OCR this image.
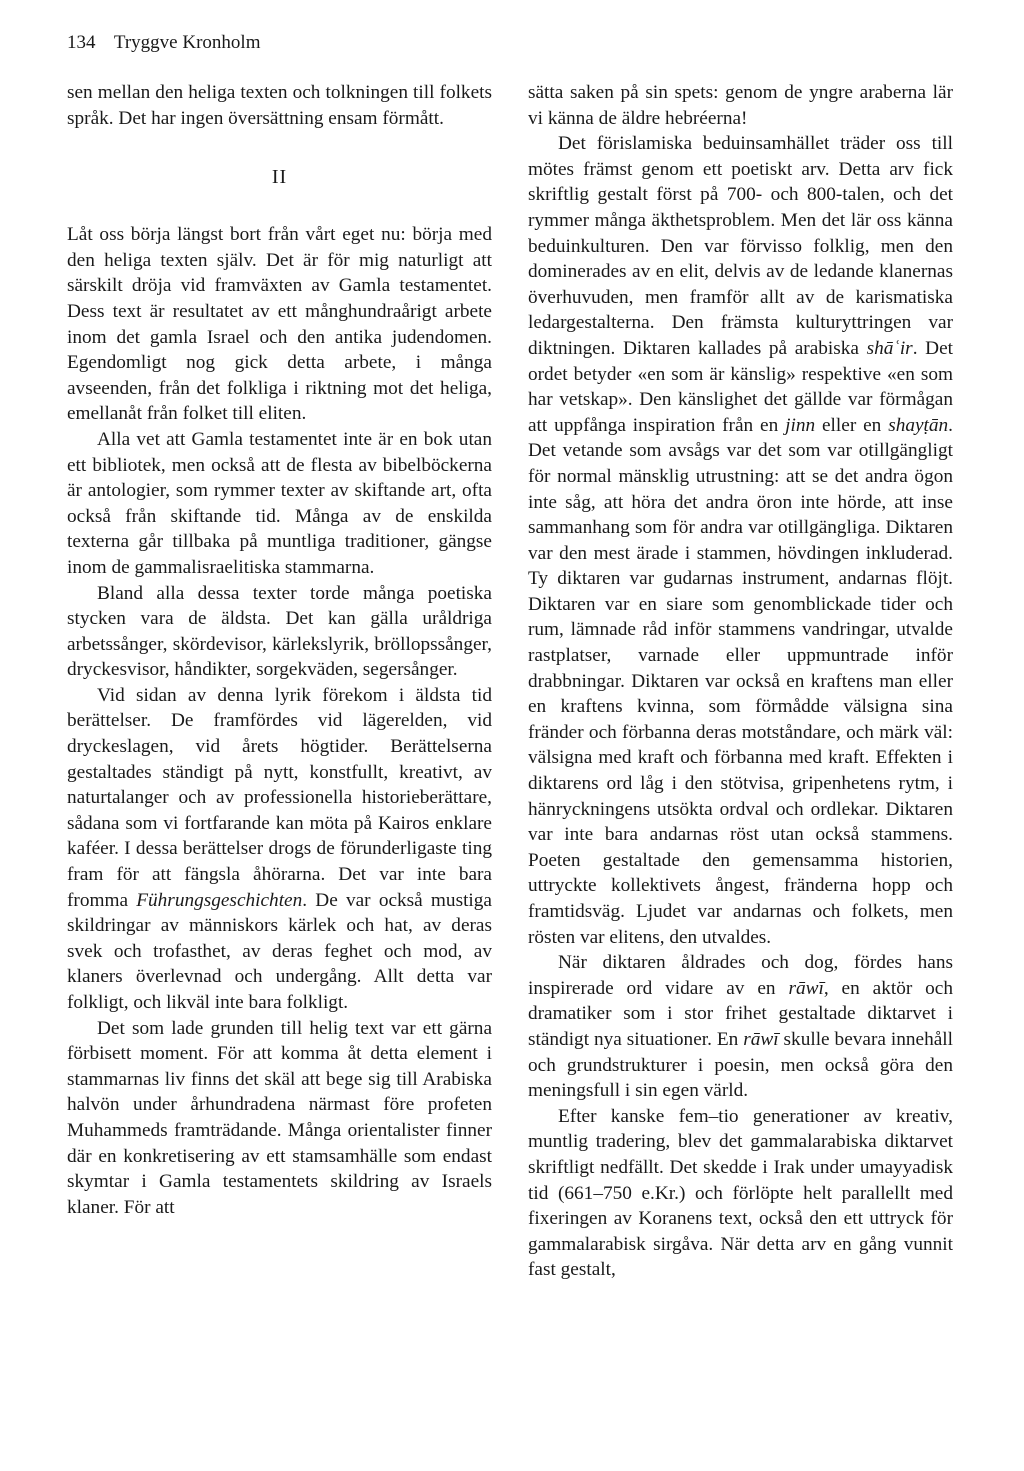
134 Tryggve Kronholm

sen mellan den heliga texten och tolkningen till folkets språk. Det har ingen översättning ensam förmått.

II

Låt oss börja längst bort från vårt eget nu: börja med den heliga texten själv. Det är för mig naturligt att särskilt dröja vid framväxten av Gamla testamentet. Dess text är resultatet av ett månghundraårigt arbete inom det gamla Israel och den antika judendomen. Egendomligt nog gick detta arbete, i många avseenden, från det folkliga i riktning mot det heliga, emellanåt från folket till eliten.

Alla vet att Gamla testamentet inte är en bok utan ett bibliotek, men också att de flesta av bibelböckerna är antologier, som rymmer texter av skiftande art, ofta också från skiftande tid. Många av de enskilda texterna går tillbaka på muntliga traditioner, gängse inom de gammalisraelitiska stammarna.

Bland alla dessa texter torde många poetiska stycken vara de äldsta. Det kan gälla uråldriga arbetssånger, skördevisor, kärlekslyrik, bröllopssånger, dryckesvisor, håndikter, sorgekväden, segersånger.

Vid sidan av denna lyrik förekom i äldsta tid berättelser. De framfördes vid lägerelden, vid dryckeslagen, vid årets högtider. Berättelserna gestaltades ständigt på nytt, konstfullt, kreativt, av naturtalanger och av professionella historieberättare, sådana som vi fortfarande kan möta på Kairos enklare kaféer. I dessa berättelser drogs de förunderligaste ting fram för att fängsla åhörarna. Det var inte bara fromma Führungsgeschichten. De var också mustiga skildringar av människors kärlek och hat, av deras svek och trofasthet, av deras feghet och mod, av klaners överlevnad och undergång. Allt detta var folkligt, och likväl inte bara folkligt.

Det som lade grunden till helig text var ett gärna förbisett moment. För att komma åt detta element i stammarnas liv finns det skäl att bege sig till Arabiska halvön under århundradena närmast före profeten Muhammeds framträdande. Många orientalister finner där en konkretisering av ett stamsamhälle som endast skymtar i Gamla testamentets skildring av Israels klaner. För att

sätta saken på sin spets: genom de yngre araberna lär vi känna de äldre hebréerna!

Det förislamiska beduinsamhället träder oss till mötes främst genom ett poetiskt arv. Detta arv fick skriftlig gestalt först på 700- och 800-talen, och det rymmer många äkthetsproblem. Men det lär oss känna beduinkulturen. Den var förvisso folklig, men den dominerades av en elit, delvis av de ledande klanernas överhuvuden, men framför allt av de karismatiska ledargestalterna. Den främsta kulturyttringen var diktningen. Diktaren kallades på arabiska shāʿir. Det ordet betyder «en som är känslig» respektive «en som har vetskap». Den känslighet det gällde var förmågan att uppfånga inspiration från en jinn eller en shayṭān. Det vetande som avsågs var det som var otillgängligt för normal mänsklig utrustning: att se det andra ögon inte såg, att höra det andra öron inte hörde, att inse sammanhang som för andra var otillgängliga. Diktaren var den mest ärade i stammen, hövdingen inkluderad. Ty diktaren var gudarnas instrument, andarnas flöjt. Diktaren var en siare som genomblickade tider och rum, lämnade råd inför stammens vandringar, utvalde rastplatser, varnade eller uppmuntrade inför drabbningar. Diktaren var också en kraftens man eller en kraftens kvinna, som förmådde välsigna sina fränder och förbanna deras motståndare, och märk väl: välsigna med kraft och förbanna med kraft. Effekten i diktarens ord låg i den stötvisa, gripenhetens rytm, i hänryckningens utsökta ordval och ordlekar. Diktaren var inte bara andarnas röst utan också stammens. Poeten gestaltade den gemensamma historien, uttryckte kollektivets ångest, fränderna hopp och framtidsväg. Ljudet var andarnas och folkets, men rösten var elitens, den utvaldes.

När diktaren åldrades och dog, fördes hans inspirerade ord vidare av en rāwī, en aktör och dramatiker som i stor frihet gestaltade diktarvet i ständigt nya situationer. En rāwī skulle bevara innehåll och grundstrukturer i poesin, men också göra den meningsfull i sin egen värld.

Efter kanske fem–tio generationer av kreativ, muntlig tradering, blev det gammalarabiska diktarvet skriftligt nedfällt. Det skedde i Irak under umayyadisk tid (661–750 e.Kr.) och förlöpte helt parallellt med fixeringen av Koranens text, också den ett uttryck för gammalarabisk sirgåva. När detta arv en gång vunnit fast gestalt,
